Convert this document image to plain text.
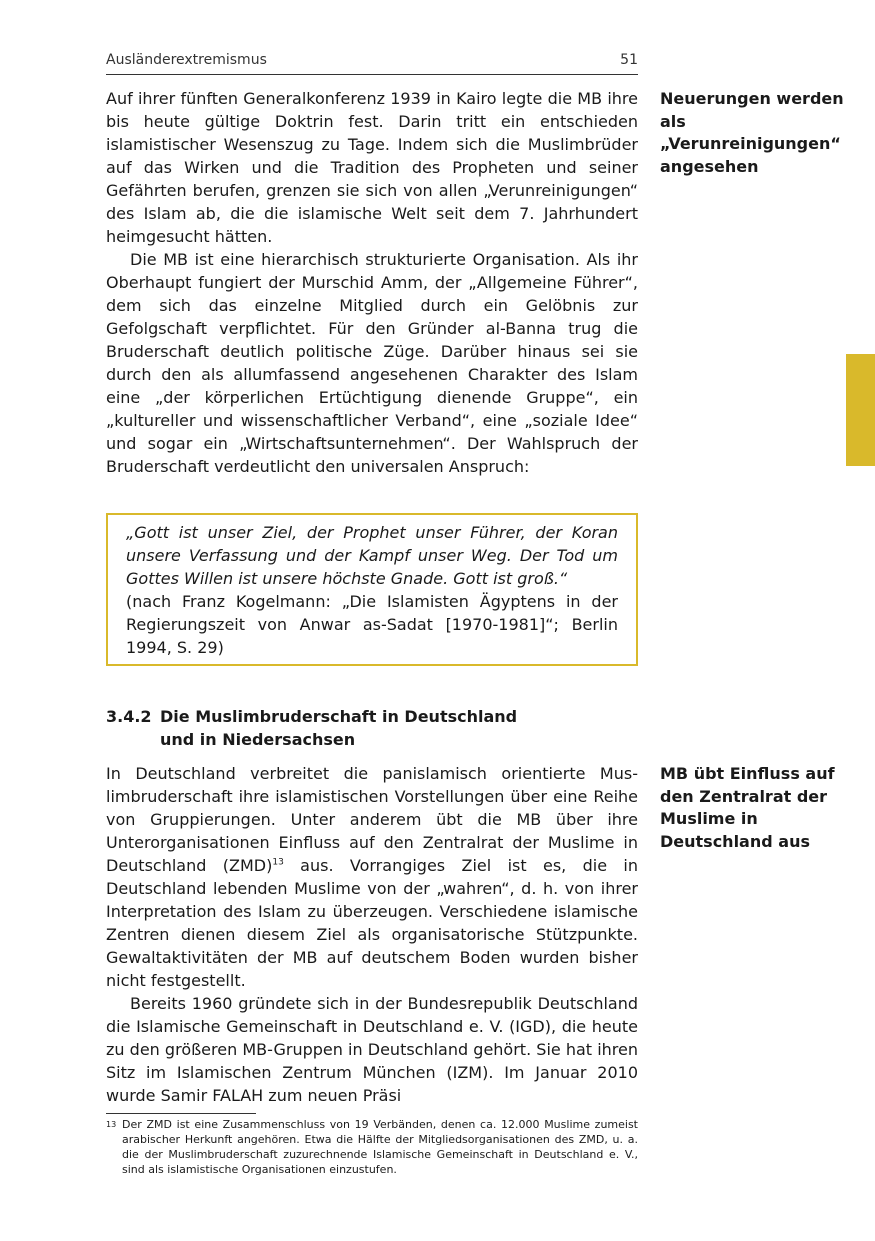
Ausländerextremismus	51

Auf ihrer fünften Generalkonferenz 1939 in Kairo legte die MB ihre bis heute gültige Doktrin fest. Darin tritt ein entschieden islamistischer Wesenszug zu Tage. Indem sich die Muslimbrüder auf das Wirken und die Tradition des Propheten und seiner Gefährten berufen, grenzen sie sich von allen „Verunreinigungen“ des Islam ab, die die islamische Welt seit dem 7. Jahrhundert heimgesucht hätten.

Die MB ist eine hierarchisch strukturierte Organisation. Als ihr Oberhaupt fungiert der Murschid Amm, der „Allgemeine Führer“, dem sich das einzelne Mitglied durch ein Gelöbnis zur Gefolgschaft verpflichtet. Für den Gründer al-Banna trug die Bruderschaft deutlich politische Züge. Darüber hinaus sei sie durch den als allumfassend angesehenen Charakter des Islam eine „der körperlichen Ertüchtigung dienende Gruppe“, ein „kultureller und wissenschaftlicher Verband“, eine „soziale Idee“ und sogar ein „Wirtschaftsunternehmen“. Der Wahlspruch der Bruderschaft verdeutlicht den universalen Anspruch:

Neuerungen werden als „Verunreinigungen“ angesehen
„Gott ist unser Ziel, der Prophet unser Führer, der Koran unsere Verfassung und der Kampf unser Weg. Der Tod um Gottes Willen ist unsere höchste Gnade. Gott ist groß.“
(nach Franz Kogelmann: „Die Islamisten Ägyptens in der Regierungszeit von Anwar as-Sadat [1970-1981]“; Berlin 1994, S. 29)
3.4.2 Die Muslimbruderschaft in Deutschland
und in Niedersachsen
MB übt Einfluss auf den Zentralrat der Muslime in Deutschland aus

In Deutschland verbreitet die panislamisch orientierte Muslimbruderschaft ihre islamistischen Vorstellungen über eine Reihe von Gruppierungen. Unter anderem übt die MB über ihre Unterorganisationen Einfluss auf den Zentralrat der Muslime in Deutschland (ZMD)$^{13}$ aus. Vorrangiges Ziel ist es, die in Deutschland lebenden Muslime von der „wahren“, d. h. von ihrer Interpretation des Islam zu überzeugen. Verschiedene islamische Zentren dienen diesem Ziel als organisatorische Stützpunkte. Gewaltaktivitäten der MB auf deutschem Boden wurden bisher nicht festgestellt.

Bereits 1960 gründete sich in der Bundesrepublik Deutschland die Islamische Gemeinschaft in Deutschland e. V. (IGD), die heute zu den größeren MB-Gruppen in Deutschland gehört. Sie hat ihren Sitz im Islamischen Zentrum München (IZM). Im Januar 2010 wurde Samir FALAH zum neuen Präsi

13 Der ZMD ist eine Zusammenschluss von 19 Verbänden, denen ca. 12.000 Muslime zumeist arabischer Herkunft angehören. Etwa die Hälfte der Mitgliedsorganisationen des ZMD, u. a. die der Muslimbruderschaft zuzurechnende Islamische Gemeinschaft in Deutschland e. V., sind als islamistische Organisationen einzustufen.
